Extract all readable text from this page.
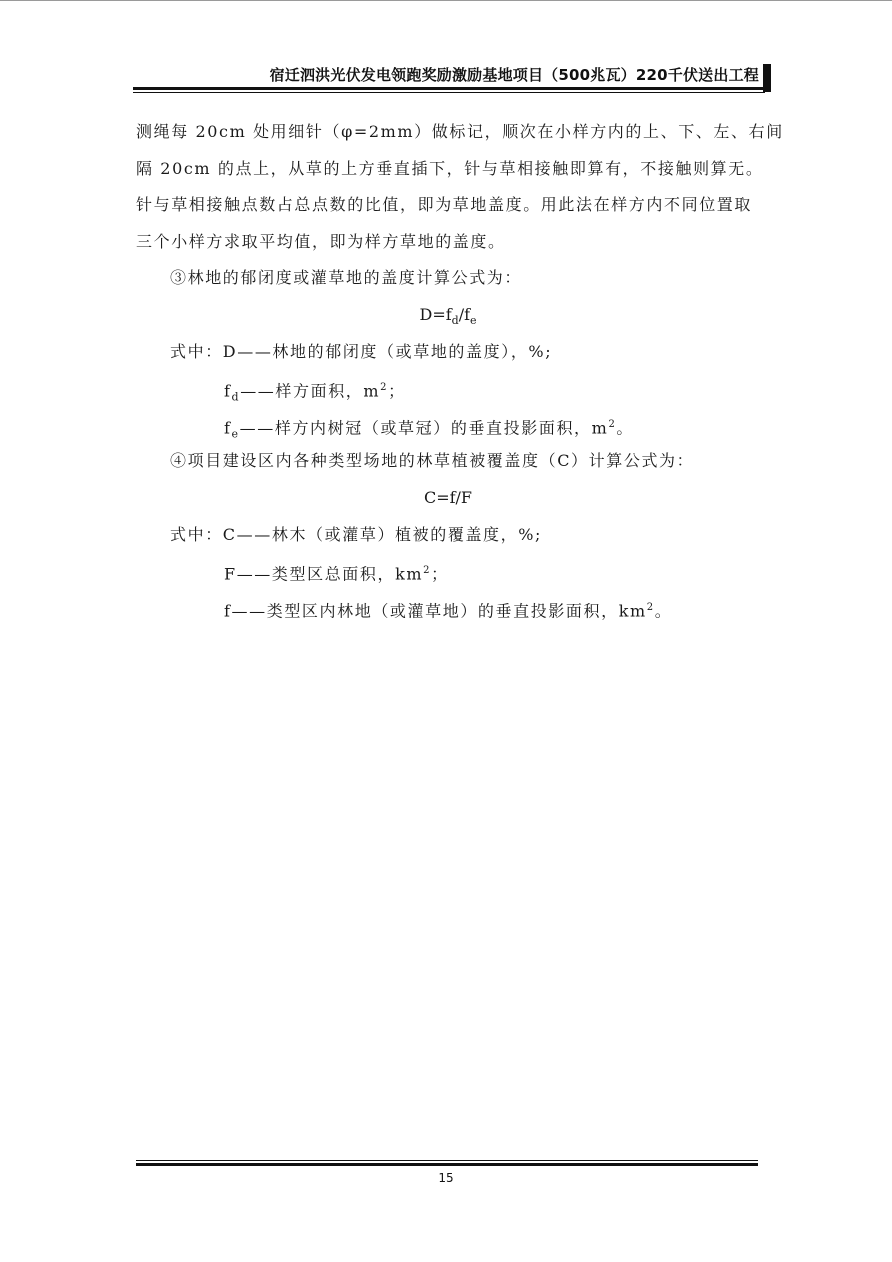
宿迁泗洪光伏发电领跑奖励激励基地项目（500兆瓦）220千伏送出工程
测绳每 20cm 处用细针（φ=2mm）做标记，顺次在小样方内的上、下、左、右间
隔 20cm 的点上，从草的上方垂直插下，针与草相接触即算有，不接触则算无。
针与草相接触点数占总点数的比值，即为草地盖度。用此法在样方内不同位置取
三个小样方求取平均值，即为样方草地的盖度。
③林地的郁闭度或灌草地的盖度计算公式为：
$D=f_d/f_e$
式中：D——林地的郁闭度（或草地的盖度），%;
$f_d——$样方面积，$m^2$；
$f_e——$样方内树冠（或草冠）的垂直投影面积，$m^2$。
④项目建设区内各种类型场地的林草植被覆盖度（C）计算公式为：
C=f/F
式中：C——林木（或灌草）植被的覆盖度，%;
F——类型区总面积，$km^2$；
f——类型区内林地（或灌草地）的垂直投影面积，$km^2$。
15
